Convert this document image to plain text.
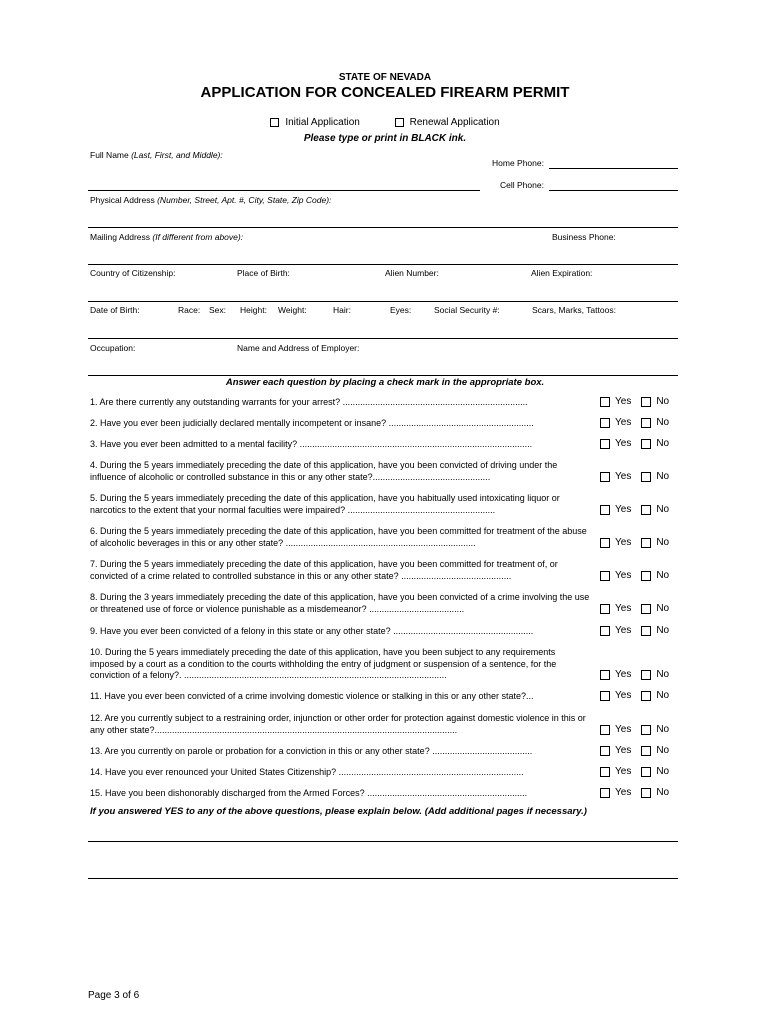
STATE OF NEVADA
APPLICATION FOR CONCEALED FIREARM PERMIT
Initial Application
	Renewal Application
Please type or print in BLACK ink.
Full Name (Last, First, and Middle):
Home Phone:
Cell Phone:
Physical Address (Number, Street, Apt. #, City, State, Zip Code):
Mailing Address (If different from above):	Business Phone:
Country of Citizenship:	Place of Birth:	Alien Number:	Alien Expiration:
Date of Birth:	Race: Sex: Height: Weight:	Hair:	Eyes:	Social Security #:	Scars, Marks, Tattoos:
Occupation:	Name and Address of Employer:
Answer each question by placing a check mark in the appropriate box.
1. Are there currently any outstanding warrants for your arrest? ..........................................................................	Yes	No
2. Have you ever been judicially declared mentally incompetent or insane? ..........................................................	Yes	No
3. Have you ever been admitted to a mental facility? .............................................................................................	Yes	No
4. During the 5 years immediately preceding the date of this application, have you been convicted of driving under the influence of alcoholic or controlled substance in this or any other state?...............................................	Yes	No
5. During the 5 years immediately preceding the date of this application, have you habitually used intoxicating liquor or narcotics to the extent that your normal faculties were impaired? ...........................................................	Yes	No
6. During the 5 years immediately preceding the date of this application, have you been committed for treatment of the abuse of alcoholic beverages in this or any other state? ............................................................................	Yes	No
7. During the 5 years immediately preceding the date of this application, have you been committed for treatment of, or convicted of a crime related to controlled substance in this or any other state? ............................................	Yes	No
8. During the 3 years immediately preceding the date of this application, have you been convicted of a crime involving the use or threatened use of force or violence punishable as a misdemeanor? ......................................	Yes	No
9. Have you ever been convicted of a felony in this state or any other state? ........................................................	Yes	No
10. During the 5 years immediately preceding the date of this application, have you been subject to any requirements imposed by a court as a condition to the courts withholding the entry of judgment or suspension of a sentence, for the conviction of a felony?. .........................................................................................................	Yes	No
11. Have you ever been convicted of a crime involving domestic violence or stalking in this or any other state?...	Yes	No
12. Are you currently subject to a restraining order, injunction or other order for protection against domestic violence in this or any other state?.........................................................................................................................	Yes	No
13. Are you currently on parole or probation for a conviction in this or any other state? ........................................	Yes	No
14. Have you ever renounced your United States Citizenship? ..........................................................................	Yes	No
15. Have you been dishonorably discharged from the Armed Forces? ................................................................	Yes	No
If you answered YES to any of the above questions, please explain below. (Add additional pages if necessary.)
Page 3 of 6
